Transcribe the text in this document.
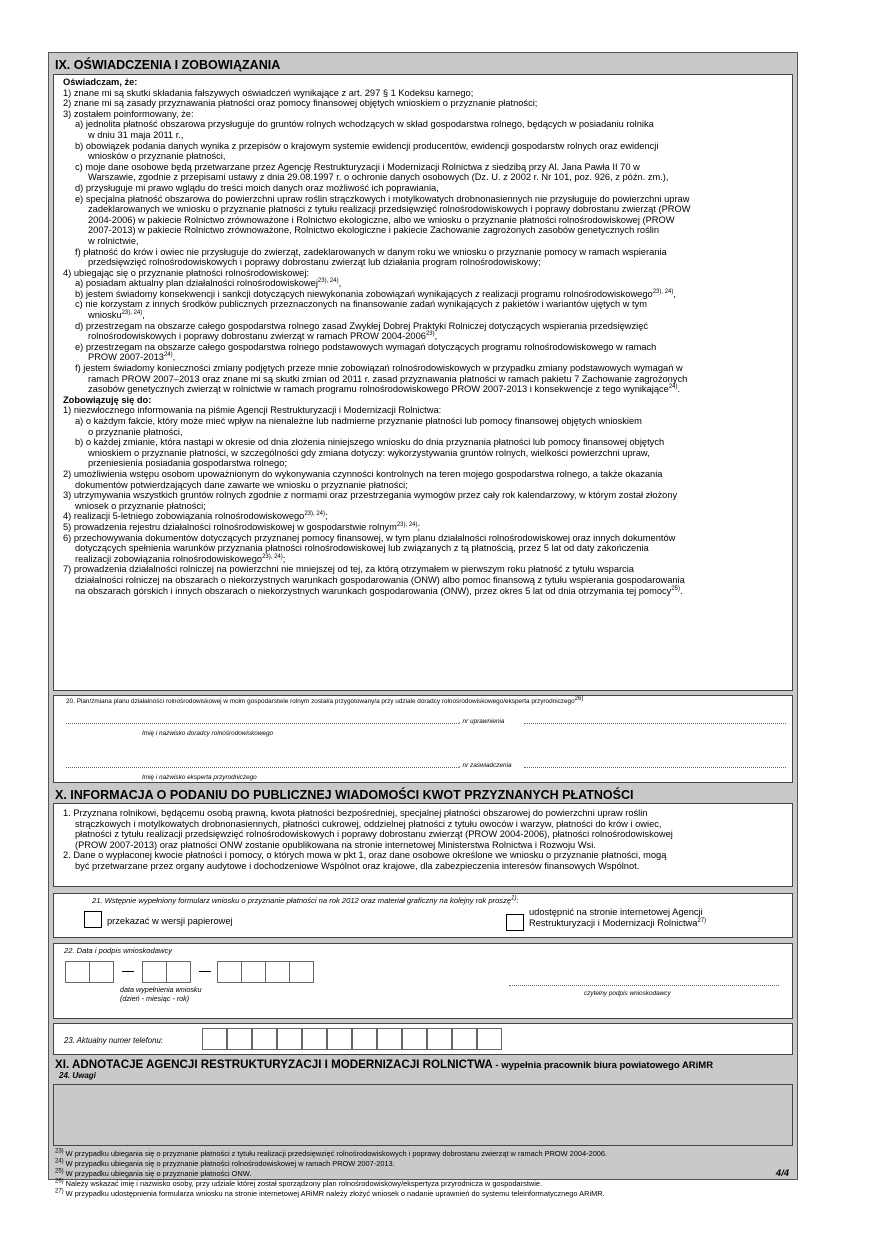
IX. OŚWIADCZENIA I ZOBOWIĄZANIA
Oświadczam, że:
1) znane mi są skutki składania fałszywych oświadczeń wynikające z art. 297 § 1 Kodeksu karnego;
2) znane mi są zasady przyznawania płatności oraz pomocy finansowej objętych wnioskiem o przyznanie płatności;
3) zostałem poinformowany, że:
a) jednolita płatność obszarowa przysługuje do gruntów rolnych wchodzących w skład gospodarstwa rolnego, będących w posiadaniu rolnika
w dniu 31 maja 2011 r.,
b) obowiązek podania danych wynika z przepisów o krajowym systemie ewidencji producentów, ewidencji gospodarstw rolnych oraz ewidencji
wniosków o przyznanie płatności,
c) moje dane osobowe będą przetwarzane przez Agencję Restrukturyzacji i Modernizacji Rolnictwa z siedzibą przy Al. Jana Pawła II 70 w
Warszawie, zgodnie z przepisami ustawy z dnia 29.08.1997 r. o ochronie danych osobowych (Dz. U. z 2002 r. Nr 101, poz. 926, z późn. zm.),
d) przysługuje mi prawo wglądu do treści moich danych oraz możliwość ich poprawiania,
e) specjalna płatność obszarowa do powierzchni upraw roślin strączkowych i motylkowatych drobnonasiennych nie przysługuje do powierzchni upraw
zadeklarowanych we wniosku o przyznanie płatności z tytułu realizacji przedsięwzięć rolnośrodowiskowych i poprawy dobrostanu zwierząt (PROW
2004-2006) w pakiecie Rolnictwo zrównoważone i Rolnictwo ekologiczne, albo we wniosku o przyznanie płatności rolnośrodowiskowej (PROW
2007-2013) w pakiecie Rolnictwo zrównoważone, Rolnictwo ekologiczne i pakiecie Zachowanie zagrożonych zasobów genetycznych roślin
w rolnictwie,
f) płatność do krów i owiec nie przysługuje do zwierząt, zadeklarowanych w danym roku we wniosku o przyznanie pomocy w ramach wspierania
przedsięwzięć rolnośrodowiskowych i poprawy dobrostanu zwierząt lub działania program rolnośrodowiskowy;
4) ubiegając się o przyznanie płatności rolnośrodowiskowej:
a) posiadam aktualny plan działalności rolnośrodowiskowej$^{23), 24)}$,
b) jestem świadomy konsekwencji i sankcji dotyczących niewykonania zobowiązań wynikających z realizacji programu rolnośrodowiskowego$^{23), 24)}$,
c) nie korzystam z innych środków publicznych przeznaczonych na finansowanie zadań wynikających z pakietów i wariantów ujętych w tym
wniosku$^{23), 24)}$,
d) przestrzegam na obszarze całego gospodarstwa rolnego zasad Zwykłej Dobrej Praktyki Rolniczej dotyczących wspierania przedsięwzięć
rolnośrodowiskowych i poprawy dobrostanu zwierząt w ramach PROW 2004-2006$^{23)}$,
e) przestrzegam na obszarze całego gospodarstwa rolnego podstawowych wymagań dotyczących programu rolnośrodowiskowego w ramach
PROW 2007-2013$^{24)}$,
f) jestem świadomy konieczności zmiany podjętych przeze mnie zobowiązań rolnośrodowiskowych w przypadku zmiany podstawowych wymagań w
ramach PROW 2007–2013 oraz znane mi są skutki zmian od 2011 r. zasad przyznawania płatności w ramach pakietu 7 Zachowanie zagrożonych
zasobów genetycznych zwierząt w rolnictwie w ramach programu rolnośrodowiskowego PROW 2007-2013 i konsekwencje z tego wynikające$^{24)}$.
Zobowiązuję się do:
1) niezwłocznego informowania na piśmie Agencji Restrukturyzacji i Modernizacji Rolnictwa:
a) o każdym fakcie, który może mieć wpływ na nienależne lub nadmierne przyznanie płatności lub pomocy finansowej objętych wnioskiem
o przyznanie płatności,
b) o każdej zmianie, która nastąpi w okresie od dnia złożenia niniejszego wniosku do dnia przyznania płatności lub pomocy finansowej objętych
wnioskiem o przyznanie płatności, w szczególności gdy zmiana dotyczy: wykorzystywania gruntów rolnych, wielkości powierzchni upraw,
przeniesienia posiadania gospodarstwa rolnego;
2) umożliwienia wstępu osobom upoważnionym do wykonywania czynności kontrolnych na teren mojego gospodarstwa rolnego, a także okazania
dokumentów potwierdzających dane zawarte we wniosku o przyznanie płatności;
3) utrzymywania wszystkich gruntów rolnych zgodnie z normami oraz przestrzegania wymogów przez cały rok kalendarzowy, w którym został złożony
wniosek o przyznanie płatności;
4) realizacji 5-letniego zobowiązania rolnośrodowiskowego$^{23), 24)}$;
5) prowadzenia rejestru działalności rolnośrodowiskowej w gospodarstwie rolnym$^{23), 24)}$;
6) przechowywania dokumentów dotyczących przyznanej pomocy finansowej, w tym planu działalności rolnośrodowiskowej oraz innych dokumentów
dotyczących spełnienia warunków przyznania płatności rolnośrodowiskowej lub związanych z tą płatnością, przez 5 lat od daty zakończenia
realizacji zobowiązania rolnośrodowiskowego$^{23), 24)}$;
7) prowadzenia działalności rolniczej na powierzchni nie mniejszej od tej, za którą otrzymałem w pierwszym roku płatność z tytułu wsparcia
działalności rolniczej na obszarach o niekorzystnych warunkach gospodarowania (ONW) albo pomoc finansową z tytułu wspierania gospodarowania
na obszarach górskich i innych obszarach o niekorzystnych warunkach gospodarowania (ONW), przez okres 5 lat od dnia otrzymania tej pomocy$^{25)}$.
20. Plan/zmiana planu działalności rolnośrodowiskowej w moim gospodarstwie rolnym został/a przygotowany/a przy udziale doradcy rolnośrodowiskowego/eksperta przyrodniczego$^{26)}$
, nr uprawnienia
Imię i nazwisko doradcy rolnośrodowiskowego
, nr zaświadczenia
Imię i nazwisko eksperta przyrodniczego
X. INFORMACJA O PODANIU DO PUBLICZNEJ WIADOMOŚCI KWOT PRZYZNANYCH PŁATNOŚCI
1. Przyznana rolnikowi, będącemu osobą prawną, kwota płatności bezpośredniej, specjalnej płatności obszarowej do powierzchni upraw roślin
strączkowych i motylkowatych drobnonasiennych, płatności cukrowej, oddzielnej płatności z tytułu owoców i warzyw, płatności do krów i owiec,
płatności z tytułu realizacji przedsięwzięć rolnośrodowiskowych i poprawy dobrostanu zwierząt (PROW 2004-2006), płatności rolnośrodowiskowej
(PROW 2007-2013) oraz płatności ONW zostanie opublikowana na stronie internetowej Ministerstwa Rolnictwa i Rozwoju Wsi.
2. Dane o wypłaconej kwocie płatności i pomocy, o których mowa w pkt 1, oraz dane osobowe określone we wniosku o przyznanie płatności, mogą
być przetwarzane przez organy audytowe i dochodzeniowe Wspólnot oraz krajowe, dla zabezpieczenia interesów finansowych Wspólnot.
21. Wstępnie wypełniony formularz wniosku o przyznanie płatności na rok 2012 oraz materiał graficzny na kolejny rok proszę$^{1)}$:
przekazać w wersji papierowej
udostępnić na stronie internetowej Agencji
Restrukturyzacji i Modernizacji Rolnictwa$^{27)}$
22. Data i podpis wnioskodawcy
data wypełnienia wniosku
(dzień - miesiąc - rok)
czytelny podpis wnioskodawcy
23. Aktualny numer telefonu:
XI. ADNOTACJE AGENCJI RESTRUKTURYZACJI I MODERNIZACJI ROLNICTWA - wypełnia pracownik biura powiatowego ARiMR
24. Uwagi
$^{23)}$ W przypadku ubiegania się o przyznanie płatności z tytułu realizacji przedsięwzięć rolnośrodowiskowych i poprawy dobrostanu zwierząt w ramach PROW 2004-2006.
$^{24)}$ W przypadku ubiegania się o przyznanie płatności rolnośrodowiskowej w ramach PROW 2007-2013.
$^{25)}$ W przypadku ubiegania się o przyznanie płatności ONW.
$^{26)}$ Należy wskazać imię i nazwisko osoby, przy udziale której został sporządzony plan rolnośrodowiskowy/ekspertyza przyrodnicza w gospodarstwie.
$^{27)}$ W przypadku udostępnienia formularza wniosku na stronie internetowej ARiMR należy złożyć wniosek o nadanie uprawnień do systemu teleinformatycznego ARiMR.
4/4
